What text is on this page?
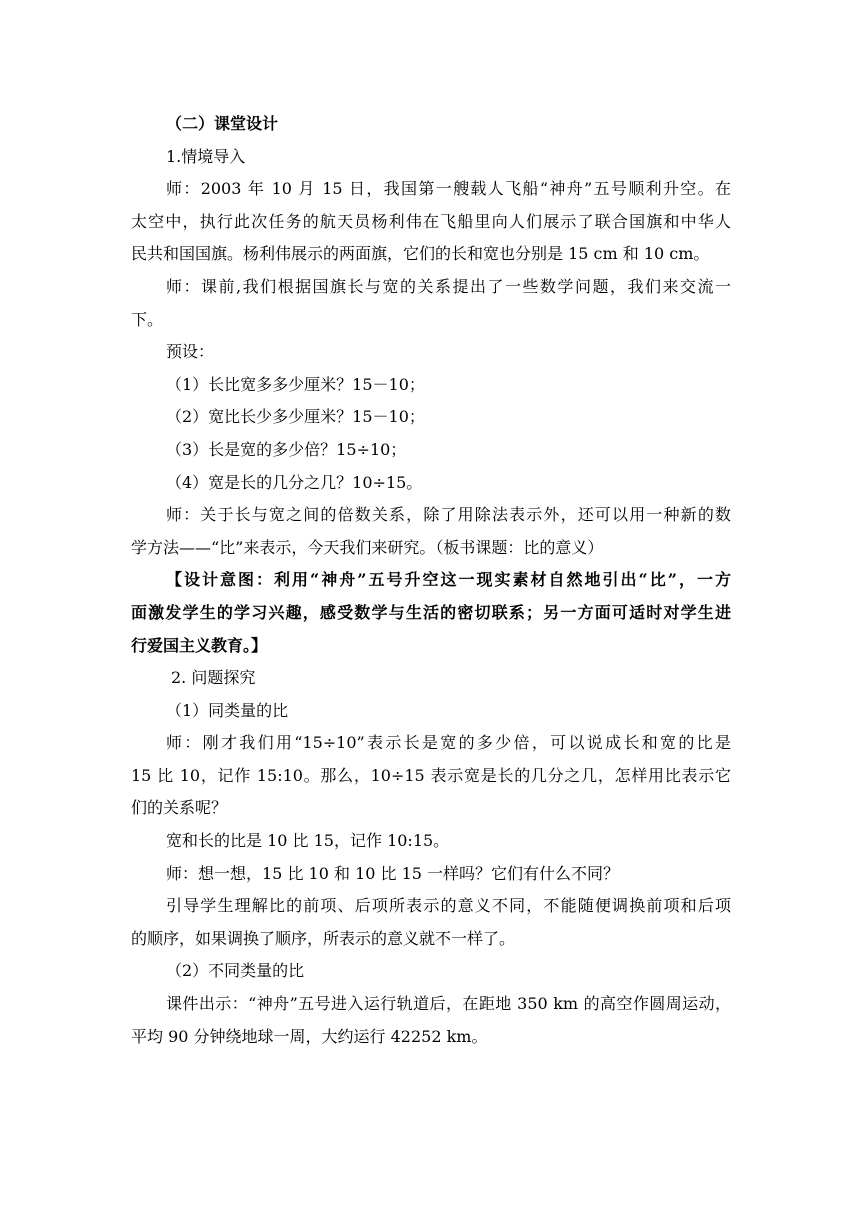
（二）课堂设计
1.情境导入
师：2003 年 10 月 15 日，我国第一艘载人飞船“神舟”五号顺利升空。在
太空中，执行此次任务的航天员杨利伟在飞船里向人们展示了联合国旗和中华人
民共和国国旗。杨利伟展示的两面旗，它们的长和宽也分别是 15 cm 和 10 cm。
师：课前,我们根据国旗长与宽的关系提出了一些数学问题，我们来交流一
下。
预设：
（1）长比宽多多少厘米？15－10；
（2）宽比长少多少厘米？15－10；
（3）长是宽的多少倍？15÷10；
（4）宽是长的几分之几？10÷15。
师：关于长与宽之间的倍数关系，除了用除法表示外，还可以用一种新的数
学方法——“比”来表示，今天我们来研究。（板书课题：比的意义）
【设计意图：利用“神舟”五号升空这一现实素材自然地引出“比”，一方
面激发学生的学习兴趣，感受数学与生活的密切联系；另一方面可适时对学生进
行爱国主义教育。】
2. 问题探究
（1）同类量的比
师：刚才我们用“15÷10”表示长是宽的多少倍，可以说成长和宽的比是
15 比 10，记作 15:10。那么，10÷15 表示宽是长的几分之几，怎样用比表示它
们的关系呢？
宽和长的比是 10 比 15，记作 10:15。
师：想一想，15 比 10 和 10 比 15 一样吗？它们有什么不同？
引导学生理解比的前项、后项所表示的意义不同，不能随便调换前项和后项
的顺序，如果调换了顺序，所表示的意义就不一样了。
（2）不同类量的比
课件出示：“神舟”五号进入运行轨道后，在距地 350 km 的高空作圆周运动，
平均 90 分钟绕地球一周，大约运行 42252 km。
